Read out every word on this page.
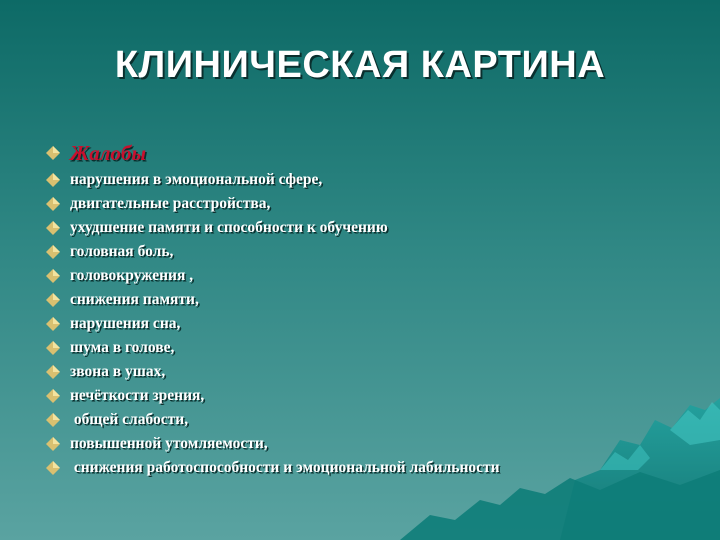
КЛИНИЧЕСКАЯ КАРТИНА
Жалобы
нарушения в эмоциональной сфере,
двигательные расстройства,
ухудшение памяти и способности к обучению
головная боль,
головокружения ,
снижения памяти,
нарушения сна,
шума в голове,
звона в ушах,
нечёткости зрения,
общей слабости,
повышенной утомляемости,
снижения работоспособности и эмоциональной лабильности
